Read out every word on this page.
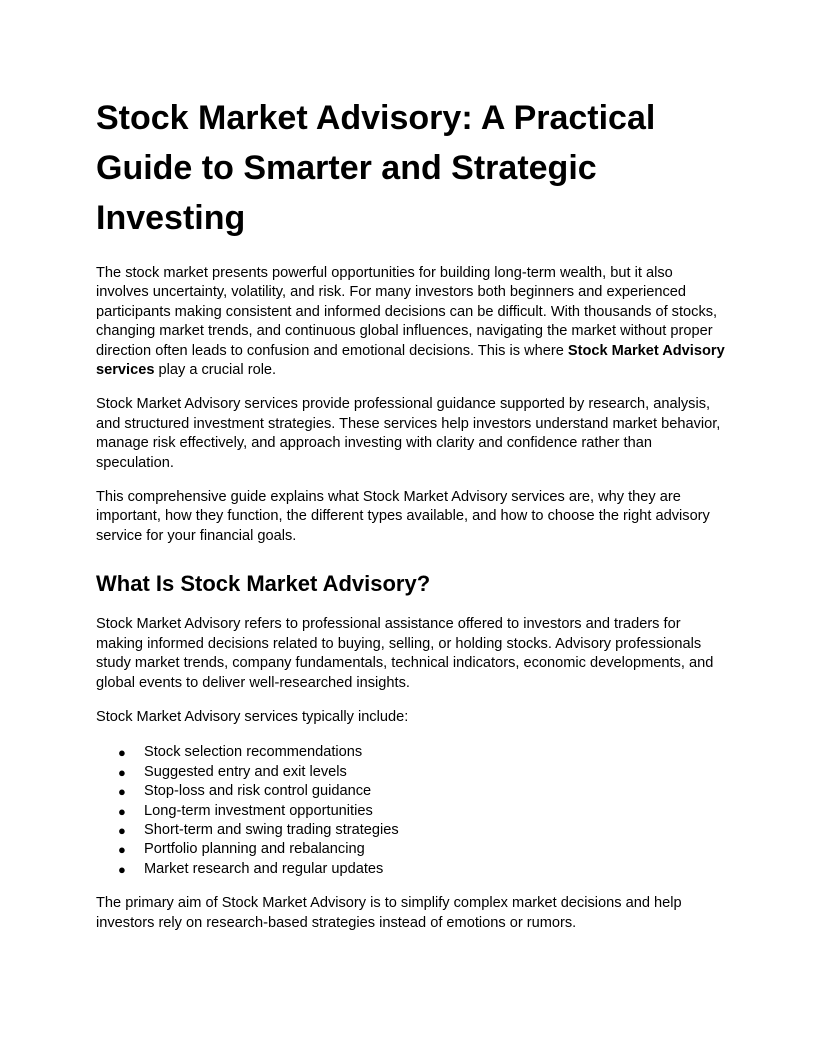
Stock Market Advisory: A Practical Guide to Smarter and Strategic Investing

The stock market presents powerful opportunities for building long-term wealth, but it also involves uncertainty, volatility, and risk. For many investors both beginners and experienced participants making consistent and informed decisions can be difficult. With thousands of stocks, changing market trends, and continuous global influences, navigating the market without proper direction often leads to confusion and emotional decisions. This is where Stock Market Advisory services play a crucial role.

Stock Market Advisory services provide professional guidance supported by research, analysis, and structured investment strategies. These services help investors understand market behavior, manage risk effectively, and approach investing with clarity and confidence rather than speculation.

This comprehensive guide explains what Stock Market Advisory services are, why they are important, how they function, the different types available, and how to choose the right advisory service for your financial goals.

What Is Stock Market Advisory?

Stock Market Advisory refers to professional assistance offered to investors and traders for making informed decisions related to buying, selling, or holding stocks. Advisory professionals study market trends, company fundamentals, technical indicators, economic developments, and global events to deliver well-researched insights.

Stock Market Advisory services typically include:

● Stock selection recommendations
● Suggested entry and exit levels
● Stop-loss and risk control guidance
● Long-term investment opportunities
● Short-term and swing trading strategies
● Portfolio planning and rebalancing
● Market research and regular updates

The primary aim of Stock Market Advisory is to simplify complex market decisions and help investors rely on research-based strategies instead of emotions or rumors.
